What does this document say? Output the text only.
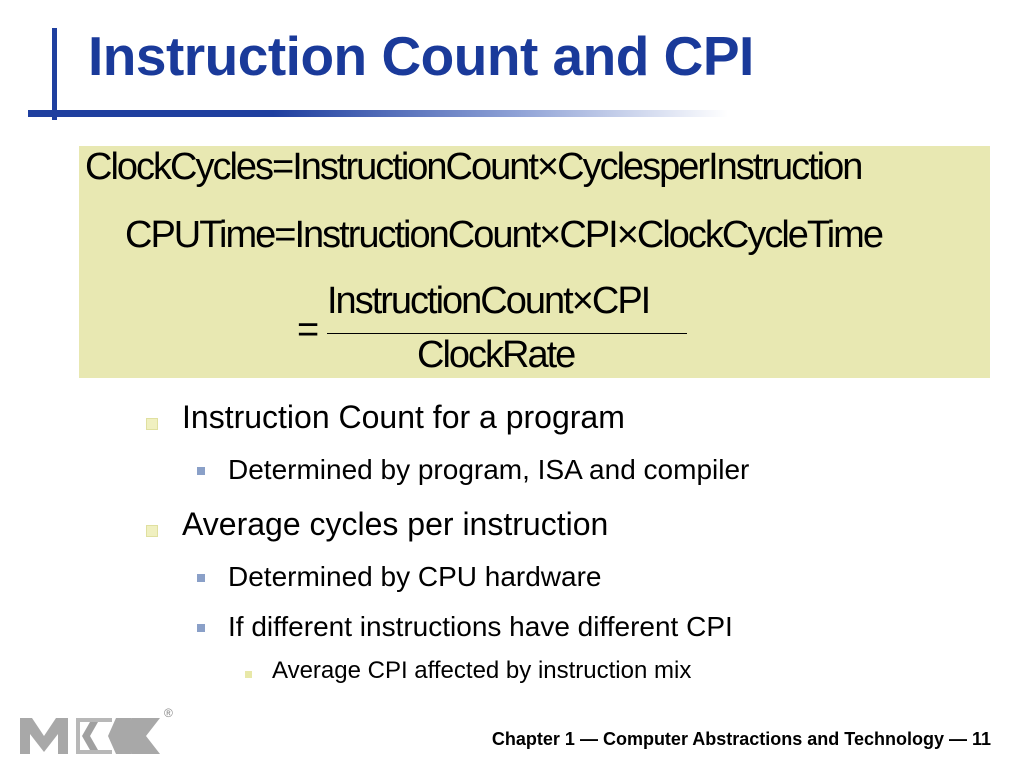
Instruction Count and CPI
ClockCycles=InstructionCount×CyclesperInstruction
CPUTime=InstructionCount×CPI×ClockCycleTime
InstructionCount×CPI
=
ClockRate
Instruction Count for a program
Determined by program, ISA and compiler
Average cycles per instruction
Determined by CPU hardware
If different instructions have different CPI
Average CPI affected by instruction mix
®
Chapter 1 — Computer Abstractions and Technology — 11
